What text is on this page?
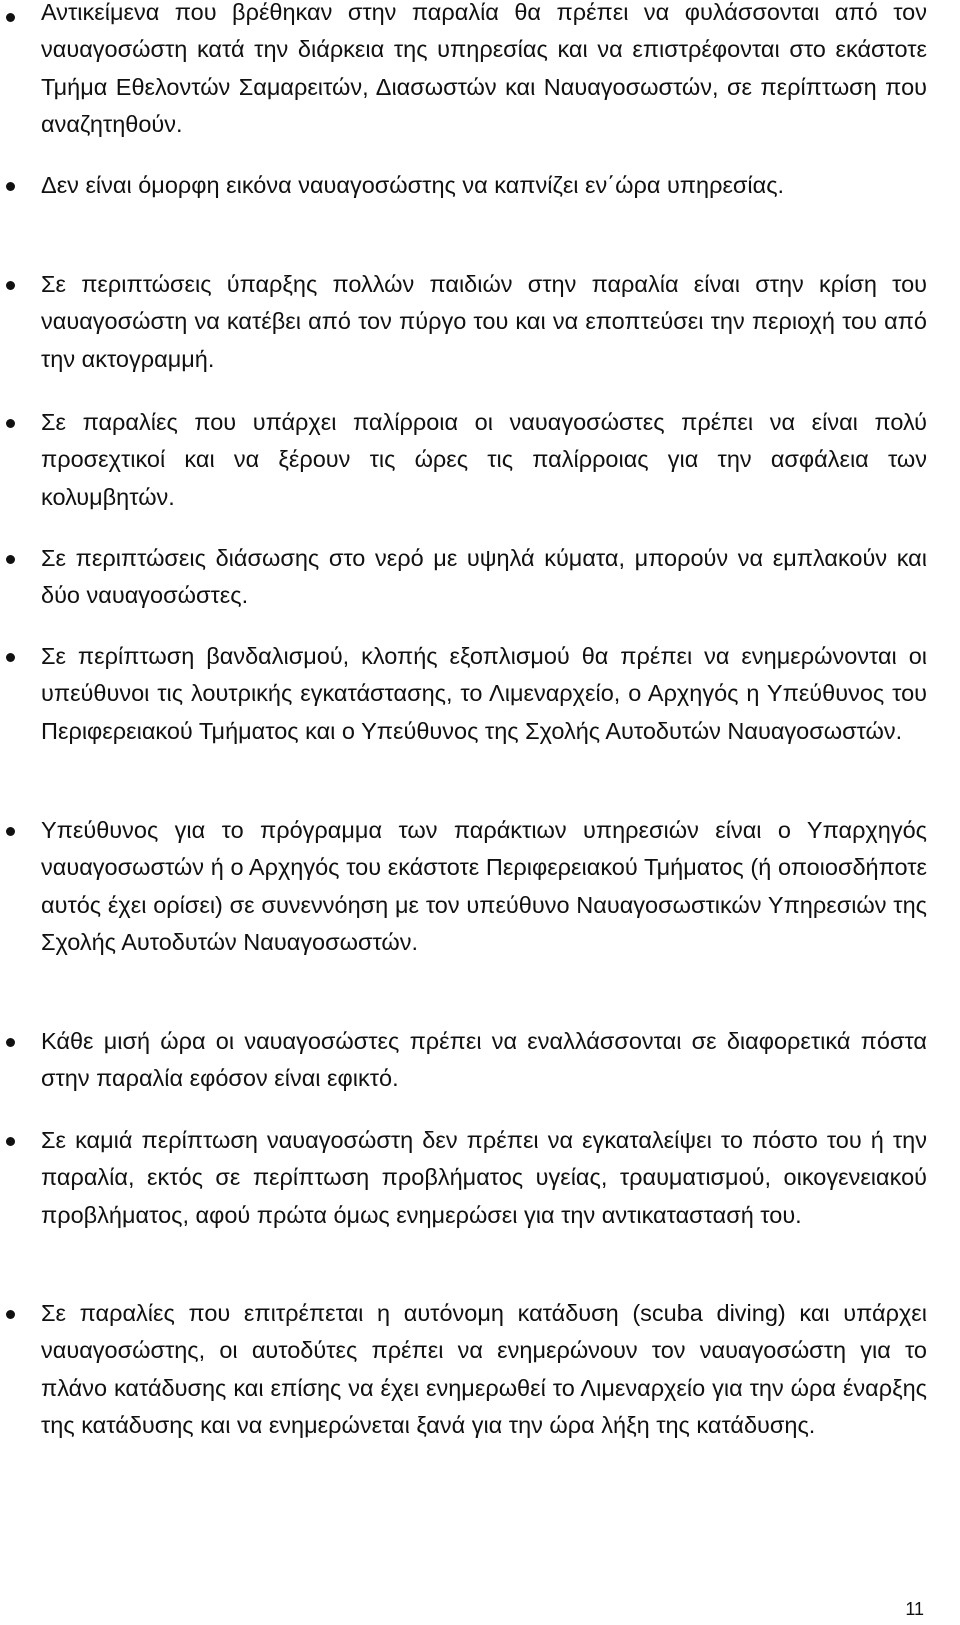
Αντικείμενα που βρέθηκαν στην παραλία θα πρέπει να φυλάσσονται από τον ναυαγοσώστη κατά την διάρκεια της υπηρεσίας και να επιστρέφονται στο εκάστοτε Τμήμα Εθελοντών Σαμαρειτών, Διασωστών και Ναυαγοσωστών, σε περίπτωση που αναζητηθούν.

Δεν είναι όμορφη εικόνα ναυαγοσώστης να καπνίζει εν΄ώρα υπηρεσίας.

Σε περιπτώσεις ύπαρξης πολλών παιδιών στην παραλία είναι στην κρίση του ναυαγοσώστη να κατέβει από τον πύργο του και να εποπτεύσει την περιοχή του από την ακτογραμμή.

Σε παραλίες που υπάρχει παλίρροια οι ναυαγοσώστες πρέπει να είναι πολύ προσεχτικοί και να ξέρουν τις ώρες τις παλίρροιας για την ασφάλεια των κολυμβητών.

Σε περιπτώσεις διάσωσης στο νερό με υψηλά κύματα, μπορούν να εμπλακούν και δύο ναυαγοσώστες.

Σε περίπτωση βανδαλισμού, κλοπής εξοπλισμού θα πρέπει να ενημερώνονται οι υπεύθυνοι τις λουτρικής εγκατάστασης, το Λιμεναρχείο, ο Αρχηγός η Υπεύθυνος του Περιφερειακού Τμήματος και ο Υπεύθυνος της Σχολής Αυτοδυτών Ναυαγοσωστών.

Υπεύθυνος για το πρόγραμμα των παράκτιων υπηρεσιών είναι ο Υπαρχηγός ναυαγοσωστών ή ο Αρχηγός του εκάστοτε Περιφερειακού Τμήματος (ή οποιοσδήποτε αυτός έχει ορίσει) σε συνεννόηση με τον υπεύθυνο Ναυαγοσωστικών Υπηρεσιών της Σχολής Αυτοδυτών Ναυαγοσωστών.

Κάθε μισή ώρα οι ναυαγοσώστες πρέπει να εναλλάσσονται σε διαφορετικά πόστα στην παραλία εφόσον είναι εφικτό.

Σε καμιά περίπτωση ναυαγοσώστη δεν πρέπει να εγκαταλείψει το πόστο του ή την παραλία, εκτός σε περίπτωση προβλήματος υγείας, τραυματισμού, οικογενειακού προβλήματος, αφού πρώτα όμως ενημερώσει για την αντικαταστασή του.

Σε παραλίες που επιτρέπεται η αυτόνομη κατάδυση (scuba diving) και υπάρχει ναυαγοσώστης, οι αυτοδύτες πρέπει να ενημερώνουν τον ναυαγοσώστη για το πλάνο κατάδυσης και επίσης να έχει ενημερωθεί το Λιμεναρχείο για την ώρα έναρξης της κατάδυσης και να ενημερώνεται ξανά για την ώρα λήξη της κατάδυσης.

11
